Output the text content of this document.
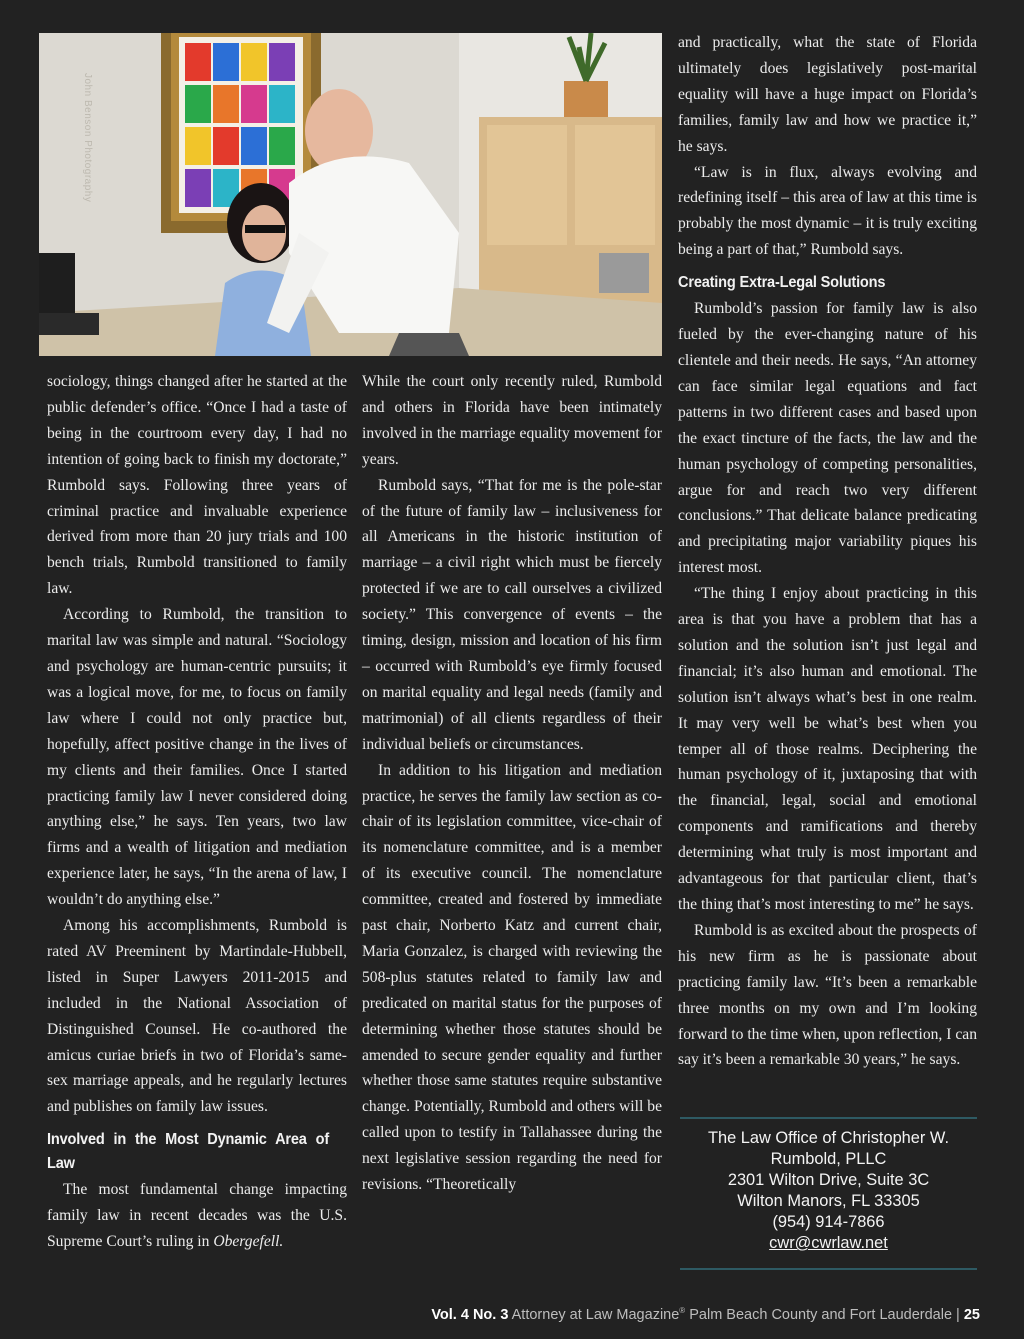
John Benson Photography

sociology, things changed after he started at the public defender’s office. “Once I had a taste of being in the courtroom every day, I had no intention of going back to finish my doctorate,” Rumbold says. Following three years of criminal practice and invaluable experience derived from more than 20 jury trials and 100 bench trials, Rumbold transitioned to family law.

According to Rumbold, the transition to marital law was simple and natural. “Sociology and psychology are human-centric pursuits; it was a logical move, for me, to focus on family law where I could not only practice but, hopefully, affect positive change in the lives of my clients and their families. Once I started practicing family law I never considered doing anything else,” he says. Ten years, two law firms and a wealth of litigation and mediation experience later, he says, “In the arena of law, I wouldn’t do anything else.”

Among his accomplishments, Rumbold is rated AV Preeminent by Martindale-Hubbell, listed in Super Lawyers 2011-2015 and included in the National Association of Distinguished Counsel. He co-authored the amicus curiae briefs in two of Florida’s same-sex marriage appeals, and he regularly lectures and publishes on family law issues.

Involved in the Most Dynamic Area of Law

The most fundamental change impacting family law in recent decades was the U.S. Supreme Court’s ruling in Obergefell.

While the court only recently ruled, Rumbold and others in Florida have been intimately involved in the marriage equality movement for years.

Rumbold says, “That for me is the pole-star of the future of family law – inclusiveness for all Americans in the historic institution of marriage – a civil right which must be fiercely protected if we are to call ourselves a civilized society.” This convergence of events – the timing, design, mission and location of his firm – occurred with Rumbold’s eye firmly focused on marital equality and legal needs (family and matrimonial) of all clients regardless of their individual beliefs or circumstances.

In addition to his litigation and mediation practice, he serves the family law section as co-chair of its legislation committee, vice-chair of its nomenclature committee, and is a member of its executive council. The nomenclature committee, created and fostered by immediate past chair, Norberto Katz and current chair, Maria Gonzalez, is charged with reviewing the 508-plus statutes related to family law and predicated on marital status for the purposes of determining whether those statutes should be amended to secure gender equality and further whether those same statutes require substantive change. Potentially, Rumbold and others will be called upon to testify in Tallahassee during the next legislative session regarding the need for revisions. “Theoretically

and practically, what the state of Florida ultimately does legislatively post-marital equality will have a huge impact on Florida’s families, family law and how we practice it,” he says.

“Law is in flux, always evolving and redefining itself – this area of law at this time is probably the most dynamic – it is truly exciting being a part of that,” Rumbold says.

Creating Extra-Legal Solutions

Rumbold’s passion for family law is also fueled by the ever-changing nature of his clientele and their needs. He says, “An attorney can face similar legal equations and fact patterns in two different cases and based upon the exact tincture of the facts, the law and the human psychology of competing personalities, argue for and reach two very different conclusions.” That delicate balance predicating and precipitating major variability piques his interest most.

“The thing I enjoy about practicing in this area is that you have a problem that has a solution and the solution isn’t just legal and financial; it’s also human and emotional. The solution isn’t always what’s best in one realm. It may very well be what’s best when you temper all of those realms. Deciphering the human psychology of it, juxtaposing that with the financial, legal, social and emotional components and ramifications and thereby determining what truly is most important and advantageous for that particular client, that’s the thing that’s most interesting to me” he says.

Rumbold is as excited about the prospects of his new firm as he is passionate about practicing family law. “It’s been a remarkable three months on my own and I’m looking forward to the time when, upon reflection, I can say it’s been a remarkable 30 years,” he says.

The Law Office of Christopher W.
Rumbold, PLLC
2301 Wilton Drive, Suite 3C
Wilton Manors, FL 33305
(954) 914-7866
cwr@cwrlaw.net
Vol. 4 No. 3 Attorney at Law Magazine® Palm Beach County and Fort Lauderdale | 25
